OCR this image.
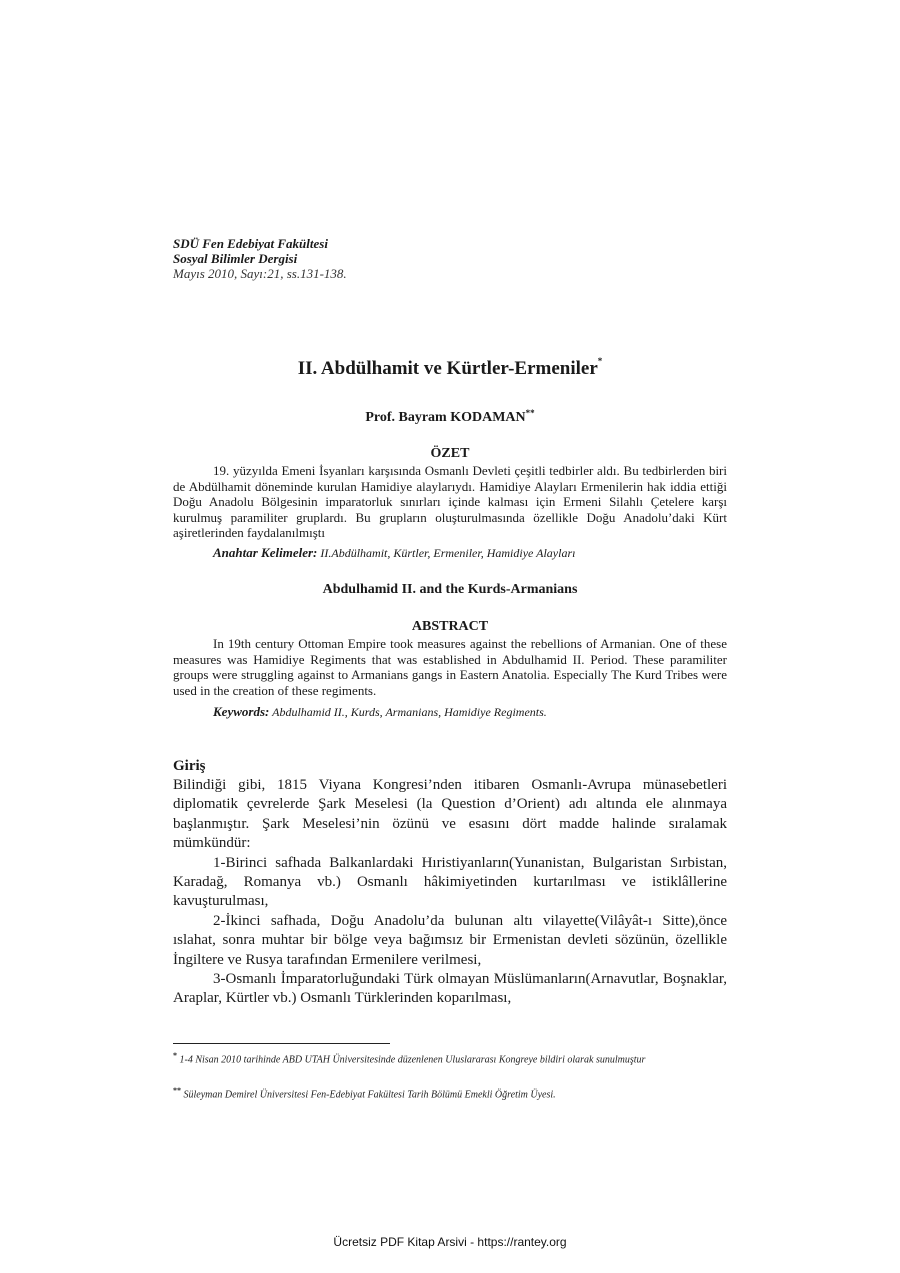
SDÜ Fen Edebiyat Fakültesi
Sosyal Bilimler Dergisi
Mayıs 2010, Sayı:21, ss.131-138.
II. Abdülhamit ve Kürtler-Ermeniler*
Prof. Bayram KODAMAN**
ÖZET

19. yüzyılda Emeni İsyanları karşısında Osmanlı Devleti çeşitli tedbirler aldı. Bu tedbirlerden biri de Abdülhamit döneminde kurulan Hamidiye alaylarıydı. Hamidiye Alayları Ermenilerin hak iddia ettiği Doğu Anadolu Bölgesinin imparatorluk sınırları içinde kalması için Ermeni Silahlı Çetelere karşı kurulmuş paramiliter gruplardı. Bu grupların oluşturulmasında özellikle Doğu Anadolu’daki Kürt aşiretlerinden faydalanılmıştı

Anahtar Kelimeler: II.Abdülhamit, Kürtler, Ermeniler, Hamidiye Alayları
Abdulhamid II. and the Kurds-Armanians
ABSTRACT

In 19th century Ottoman Empire took measures against the rebellions of Armanian. One of these measures was Hamidiye Regiments that was established in Abdulhamid II. Period. These paramiliter groups were struggling against to Armanians gangs in Eastern Anatolia. Especially The Kurd Tribes were used in the creation of these regiments.

Keywords: Abdulhamid II., Kurds, Armanians, Hamidiye Regiments.
Giriş

Bilindiği gibi, 1815 Viyana Kongresi’nden itibaren Osmanlı-Avrupa münasebetleri diplomatik çevrelerde Şark Meselesi (la Question d’Orient) adı altında ele alınmaya başlanmıştır. Şark Meselesi’nin özünü ve esasını dört madde halinde sıralamak mümkündür:

1-Birinci safhada Balkanlardaki Hıristiyanların(Yunanistan, Bulgaristan Sırbistan, Karadağ, Romanya vb.) Osmanlı hâkimiyetinden kurtarılması ve istiklâllerine kavuşturulması,

2-İkinci safhada, Doğu Anadolu’da bulunan altı vilayette(Vilâyât-ı Sitte),önce ıslahat, sonra muhtar bir bölge veya bağımsız bir Ermenistan devleti sözünün, özellikle İngiltere ve Rusya tarafından Ermenilere verilmesi,

3-Osmanlı İmparatorluğundaki Türk olmayan Müslümanların(Arnavutlar, Boşnaklar, Araplar, Kürtler vb.) Osmanlı Türklerinden koparılması,

* 1-4 Nisan 2010 tarihinde ABD UTAH Üniversitesinde düzenlenen Uluslararası Kongreye bildiri olarak sunulmuştur
** Süleyman Demirel Üniversitesi Fen-Edebiyat Fakültesi Tarih Bölümü Emekli Öğretim Üyesi.
Ücretsiz PDF Kitap Arsivi - https://rantey.org
